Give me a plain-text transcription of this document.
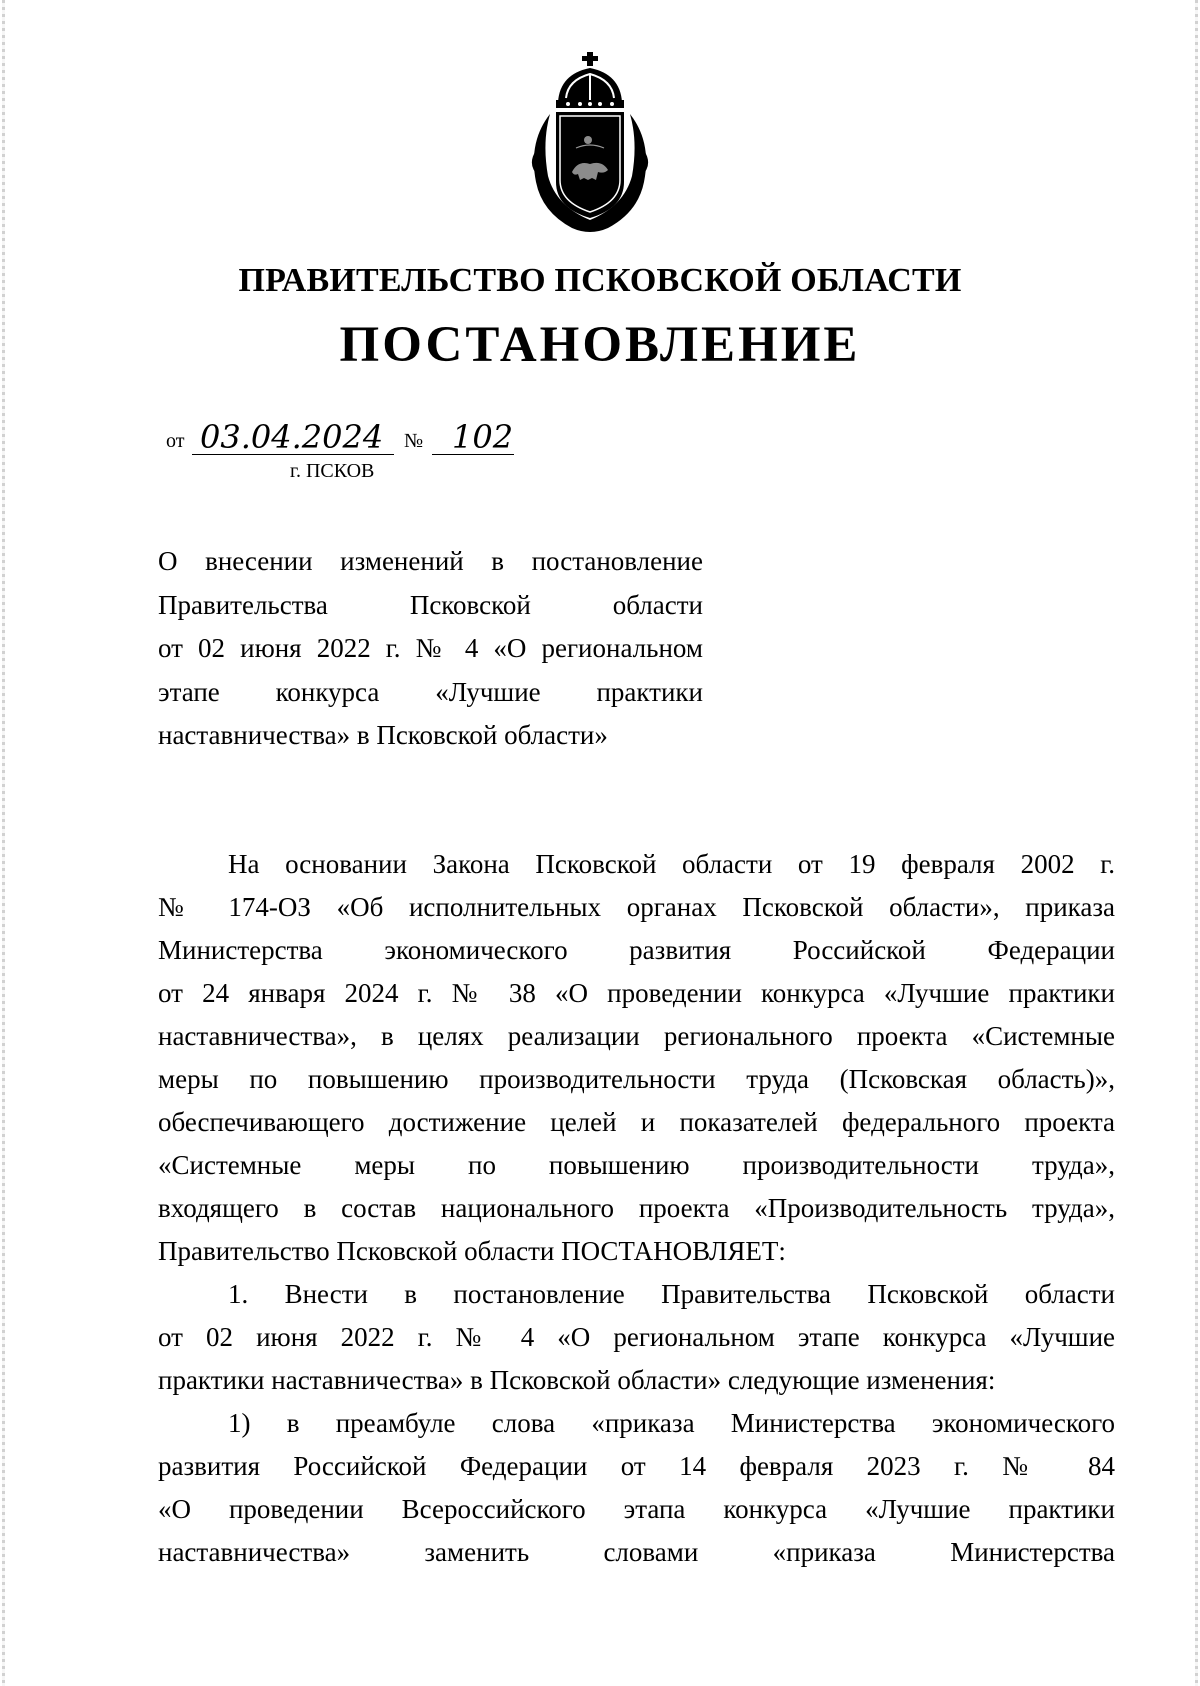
ПРАВИТЕЛЬСТВО ПСКОВСКОЙ ОБЛАСТИ
ПОСТАНОВЛЕНИЕ
от 03.04.2024 № 102
г. ПСКОВ
О внесении изменений в постановление
Правительства Псковской области
от 02 июня 2022 г. № 4 «О региональном
этапе конкурса «Лучшие практики
наставничества» в Псковской области»
На основании Закона Псковской области от 19 февраля 2002 г.
№ 174-ОЗ «Об исполнительных органах Псковской области», приказа
Министерства экономического развития Российской Федерации
от 24 января 2024 г. № 38 «О проведении конкурса «Лучшие практики
наставничества», в целях реализации регионального проекта «Системные
меры по повышению производительности труда (Псковская область)»,
обеспечивающего достижение целей и показателей федерального проекта
«Системные меры по повышению производительности труда»,
входящего в состав национального проекта «Производительность труда»,
Правительство Псковской области ПОСТАНОВЛЯЕТ:
1. Внести в постановление Правительства Псковской области
от 02 июня 2022 г. № 4 «О региональном этапе конкурса «Лучшие
практики наставничества» в Псковской области» следующие изменения:
1) в преамбуле слова «приказа Министерства экономического
развития Российской Федерации от 14 февраля 2023 г. № 84
«О проведении Всероссийского этапа конкурса «Лучшие практики
наставничества» заменить словами «приказа Министерства
